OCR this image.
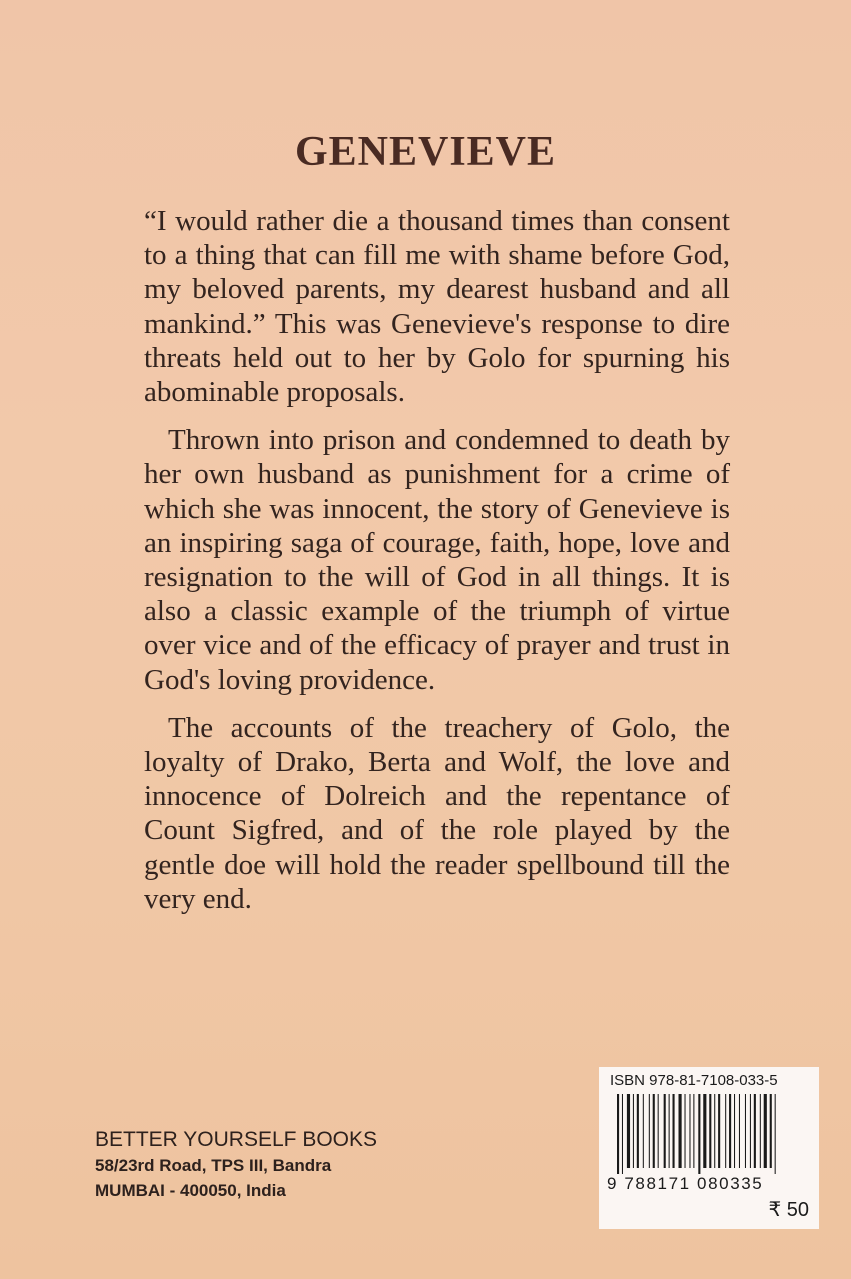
GENEVIEVE

“I would rather die a thousand times than consent to a thing that can fill me with shame before God, my beloved parents, my dearest husband and all mankind.” This was Genevieve's response to dire threats held out to her by Golo for spurning his abominable proposals.

Thrown into prison and condemned to death by her own husband as punishment for a crime of which she was innocent, the story of Genevieve is an inspiring saga of courage, faith, hope, love and resignation to the will of God in all things. It is also a classic example of the triumph of virtue over vice and of the efficacy of prayer and trust in God's loving providence.

The accounts of the treachery of Golo, the loyalty of Drako, Berta and Wolf, the love and innocence of Dolreich and the repentance of Count Sigfred, and of the role played by the gentle doe will hold the reader spellbound till the very end.

BETTER YOURSELF BOOKS
58/23rd Road, TPS III, Bandra
MUMBAI - 400050, India
ISBN 978-81-7108-033-5
9 788171 080335
₹ 50
